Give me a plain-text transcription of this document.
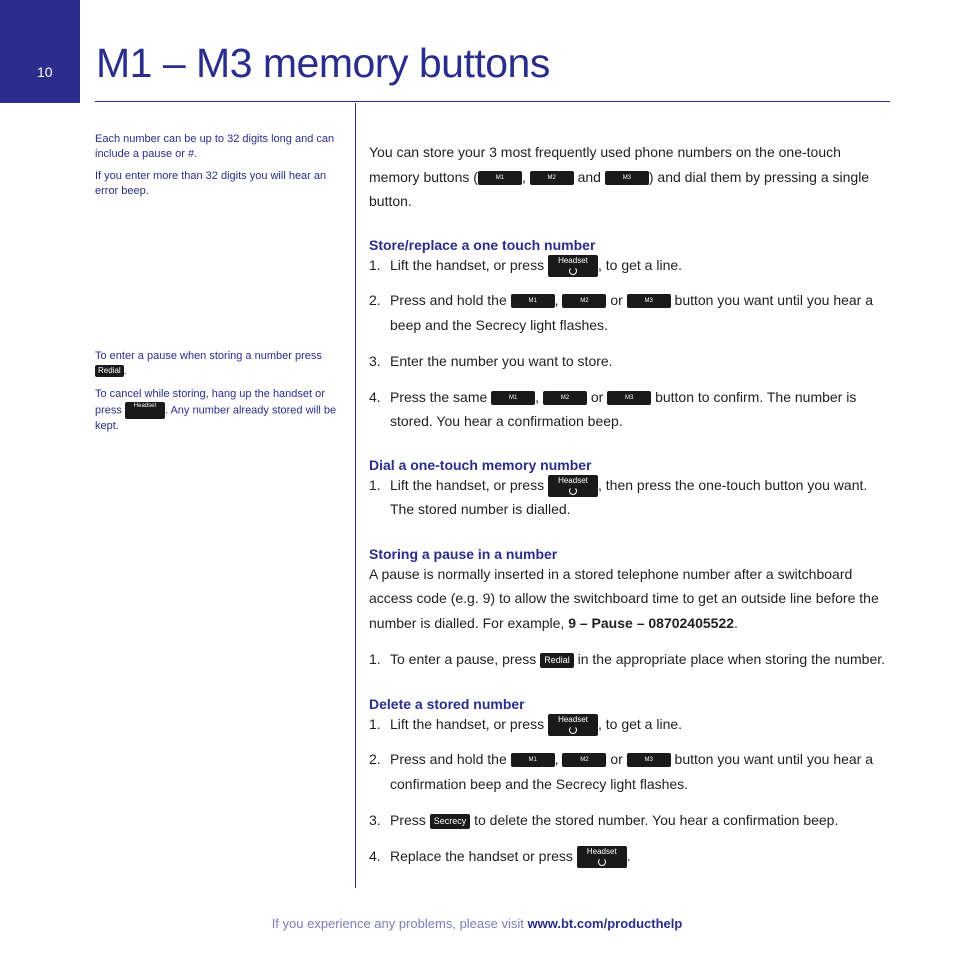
10 M1 – M3 memory buttons

Each number can be up to 32 digits long and can include a pause or #.

If you enter more than 32 digits you will hear an error beep.

To enter a pause when storing a number press Redial .

To cancel while storing, hang up the handset or press Headset . Any number already stored will be kept.

You can store your 3 most frequently used phone numbers on the one-touch memory buttons (	M1 ,	M2 and	M3 ) and dial them by pressing a single button.

Store/replace a one touch number
1. Lift the handset, or press Headset , to get a line.
2. Press and hold the	M1 ,	M2 or	M3 button you want until you hear a beep and the Secrecy light flashes.
3. Enter the number you want to store.
4. Press the same	M1 ,	M2 or	M3 button to confirm. The number is stored. You hear a confirmation beep.
Dial a one-touch memory number
1. Lift the handset, or press Headset , then press the one-touch button you want. The stored number is dialled.
Storing a pause in a number

A pause is normally inserted in a stored telephone number after a switchboard access code (e.g. 9) to allow the switchboard time to get an outside line before the number is dialled. For example, 9 – Pause – 08702405522.

1. To enter a pause, press Redial in the appropriate place when storing the number.
Delete a stored number
1. Lift the handset, or press Headset , to get a line.
2. Press and hold the	M1 ,	M2 or	M3 button you want until you hear a confirmation beep and the Secrecy light flashes.
3. Press Secrecy to delete the stored number. You hear a confirmation beep.
4. Replace the handset or press Headset .
If you experience any problems, please visit www.bt.com/producthelp
